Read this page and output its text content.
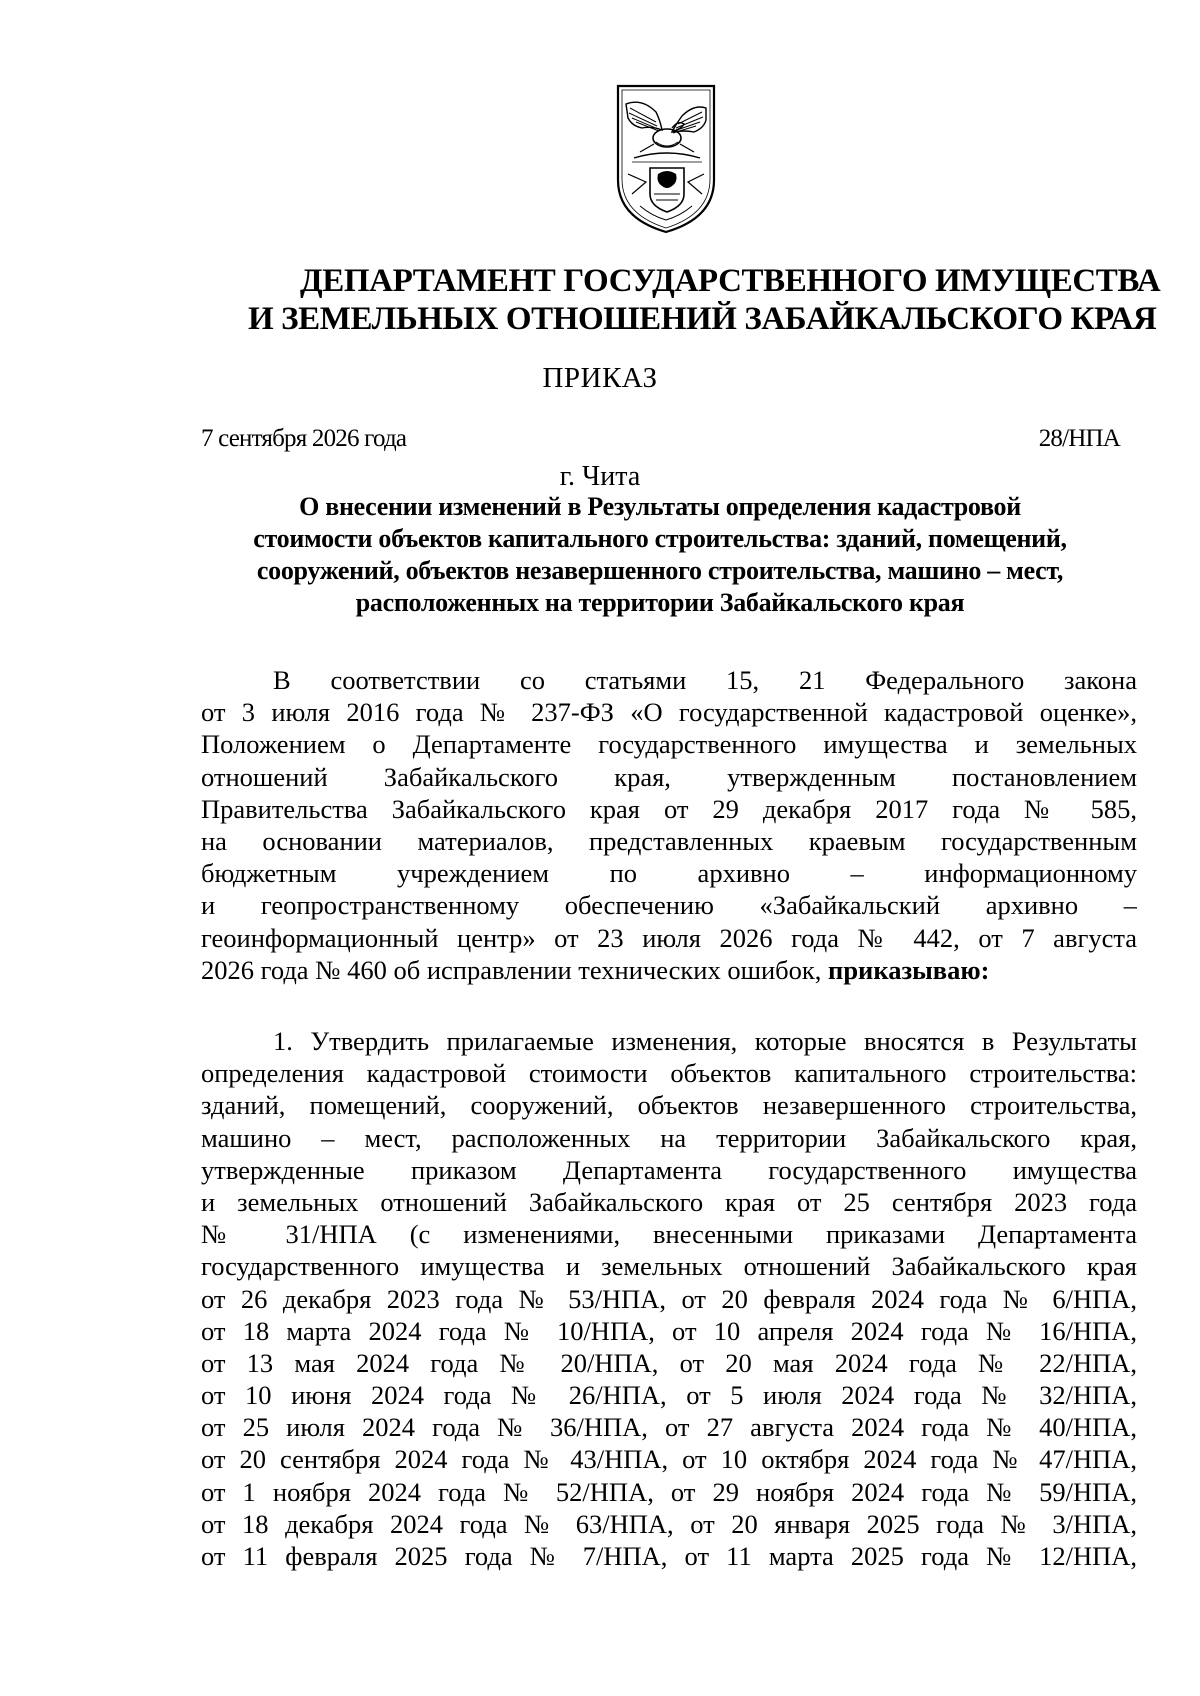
ДЕПАРТАМЕНТ ГОСУДАРСТВЕННОГО ИМУЩЕСТВА
И ЗЕМЕЛЬНЫХ ОТНОШЕНИЙ ЗАБАЙКАЛЬСКОГО КРАЯ
ПРИКАЗ
7 сентября 2026 года	28/НПА
г. Чита
О внесении изменений в Результаты определения кадастровой
стоимости объектов капитального строительства: зданий, помещений,
сооружений, объектов незавершенного строительства, машино – мест,
расположенных на территории Забайкальского края
В соответствии со статьями 15, 21 Федерального закона
от 3 июля 2016 года № 237-ФЗ «О государственной кадастровой оценке»,
Положением о Департаменте государственного имущества и земельных
отношений Забайкальского края, утвержденным постановлением
Правительства Забайкальского края от 29 декабря 2017 года № 585,
на основании материалов, представленных краевым государственным
бюджетным учреждением по архивно – информационному
и геопространственному обеспечению «Забайкальский архивно –
геоинформационный центр» от 23 июля 2026 года № 442, от 7 августа
2026 года № 460 об исправлении технических ошибок, приказываю:
1. Утвердить прилагаемые изменения, которые вносятся в Результаты
определения кадастровой стоимости объектов капитального строительства:
зданий, помещений, сооружений, объектов незавершенного строительства,
машино – мест, расположенных на территории Забайкальского края,
утвержденные приказом Департамента государственного имущества
и земельных отношений Забайкальского края от 25 сентября 2023 года
№ 31/НПА (с изменениями, внесенными приказами Департамента
государственного имущества и земельных отношений Забайкальского края
от 26 декабря 2023 года № 53/НПА, от 20 февраля 2024 года № 6/НПА,
от 18 марта 2024 года № 10/НПА, от 10 апреля 2024 года № 16/НПА,
от 13 мая 2024 года № 20/НПА, от 20 мая 2024 года № 22/НПА,
от 10 июня 2024 года № 26/НПА, от 5 июля 2024 года № 32/НПА,
от 25 июля 2024 года № 36/НПА, от 27 августа 2024 года № 40/НПА,
от 20 сентября 2024 года № 43/НПА, от 10 октября 2024 года № 47/НПА,
от 1 ноября 2024 года № 52/НПА, от 29 ноября 2024 года № 59/НПА,
от 18 декабря 2024 года № 63/НПА, от 20 января 2025 года № 3/НПА,
от 11 февраля 2025 года № 7/НПА, от 11 марта 2025 года № 12/НПА,
